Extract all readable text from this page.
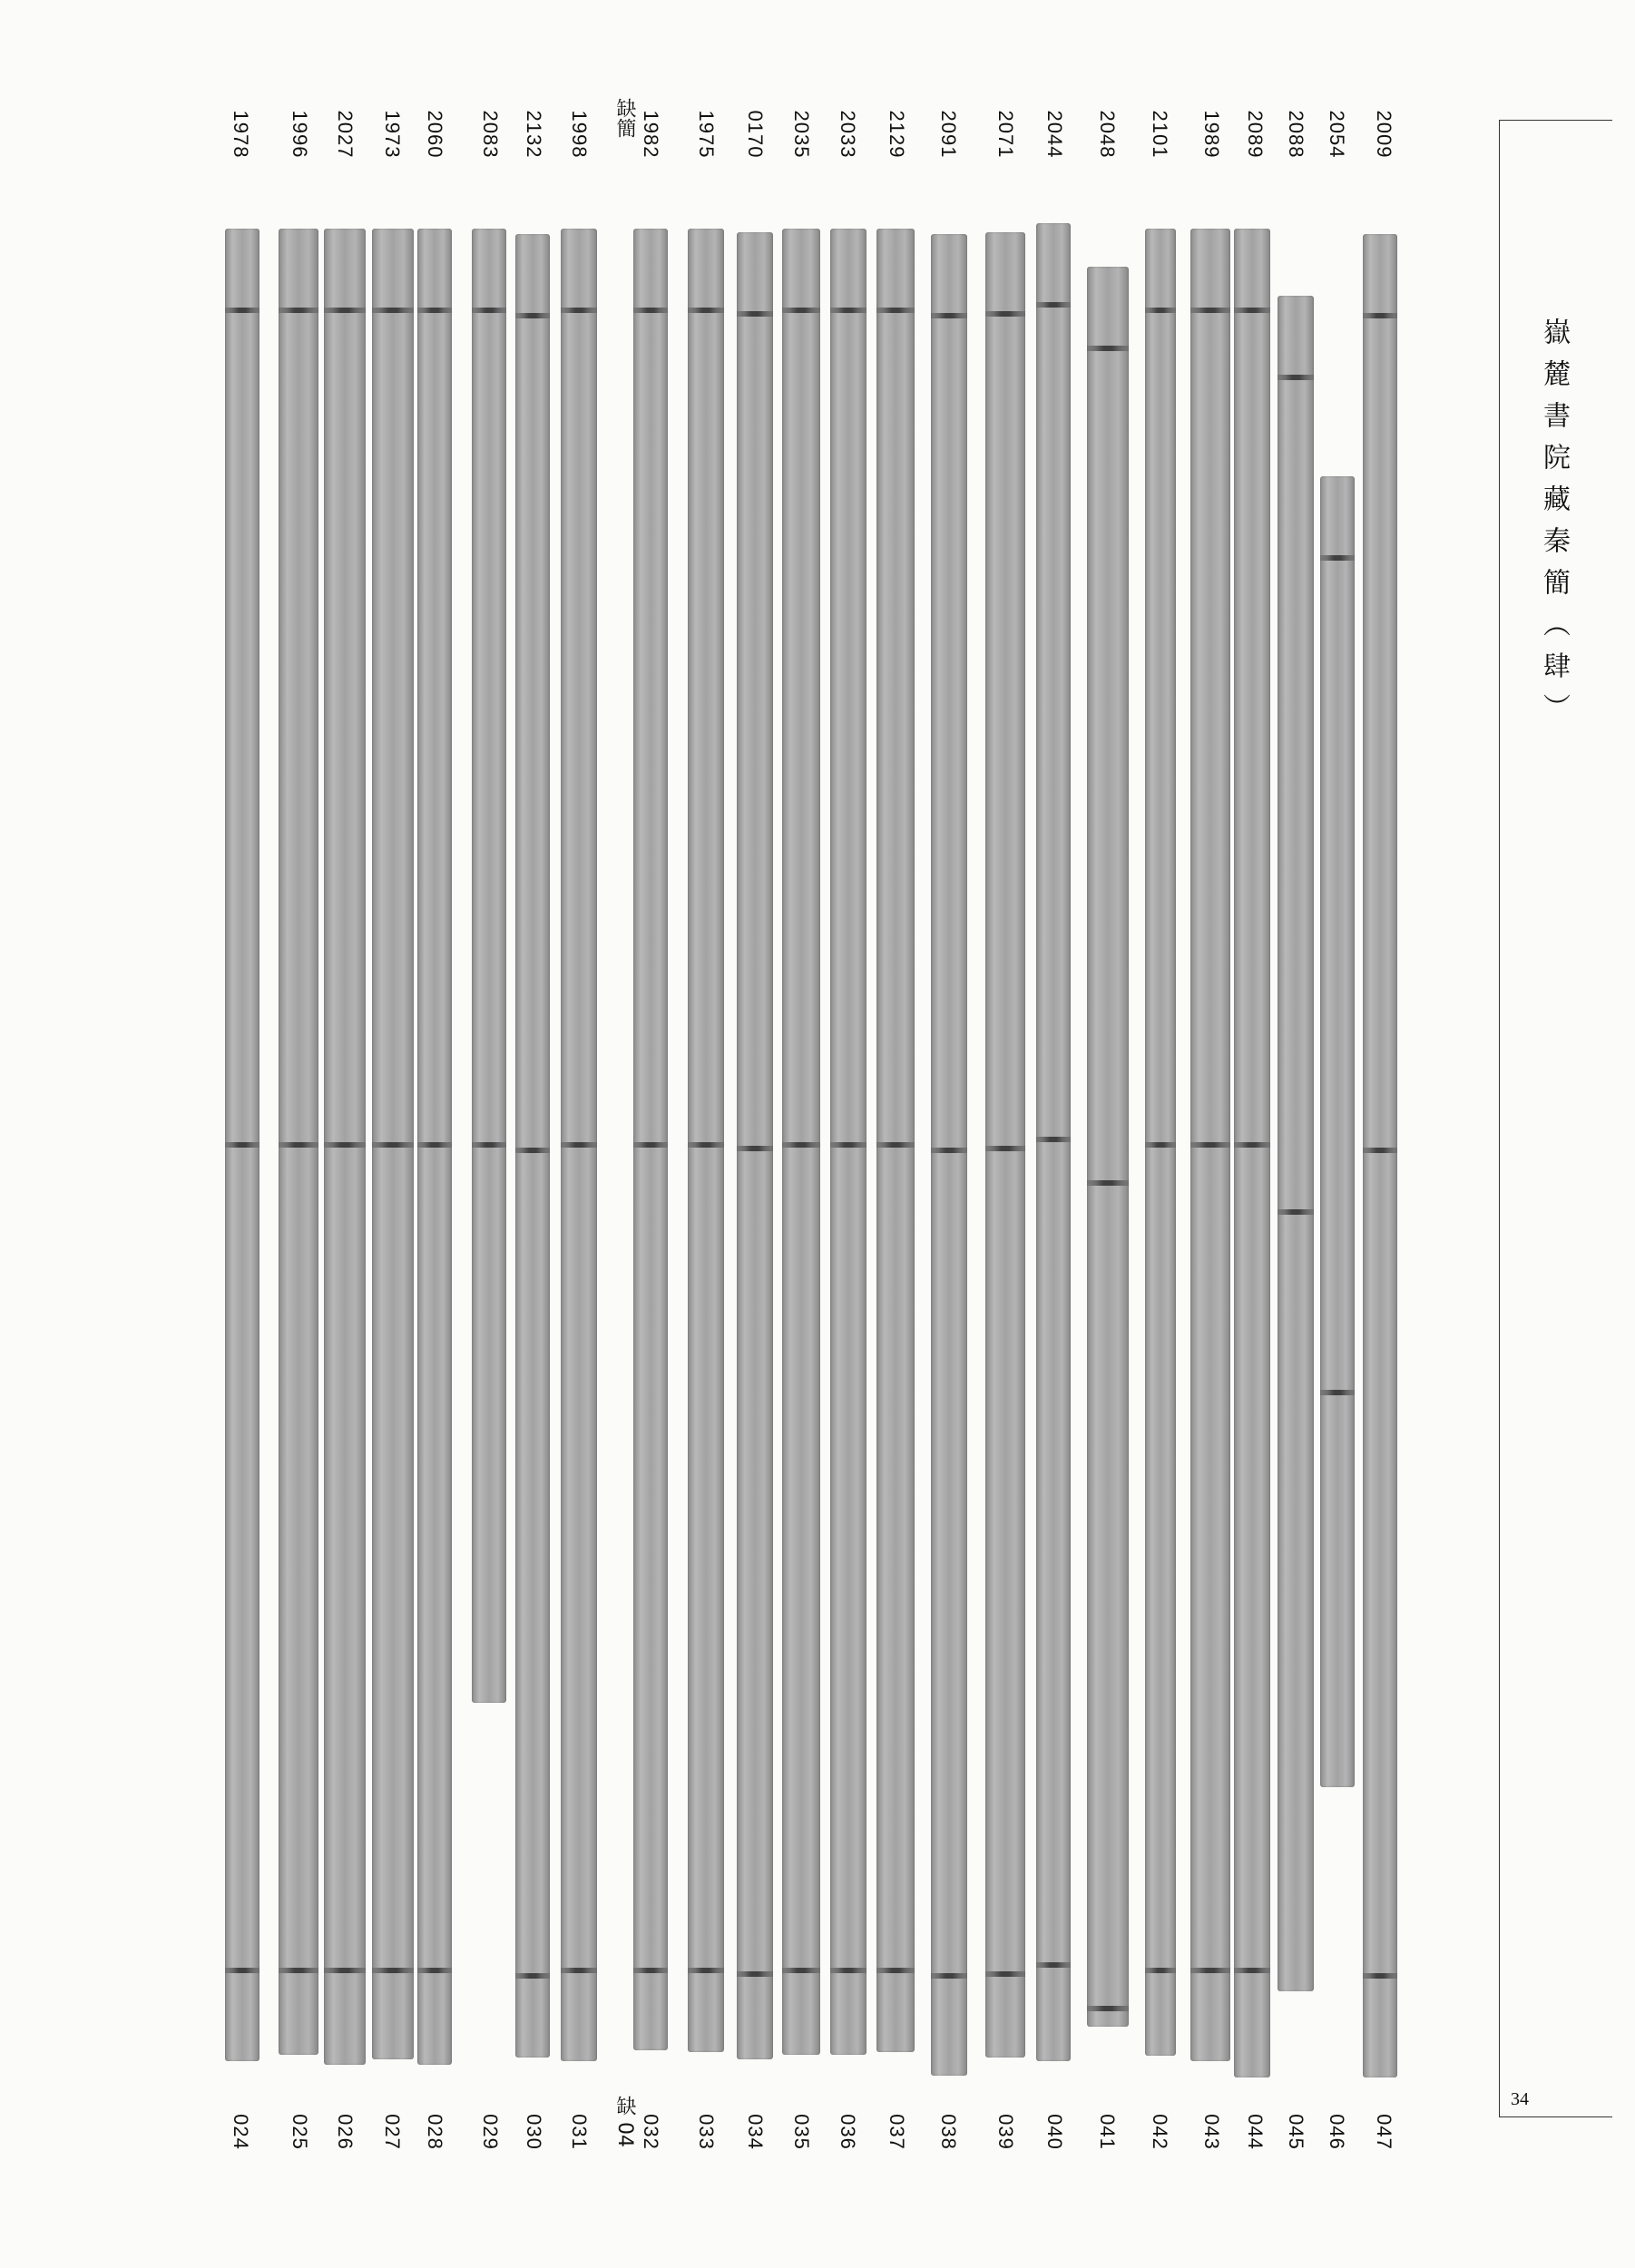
1978 1996 2027 1973 2060 2083 2132 1998 缺簡 1982 1975 0170 2035 2033 2129 2091 2071 2044 2048 2101 1989 2089 2088 2054 2009
024 025 026 027 028 029 030 031 缺 04 032 033 034 035 036 037 038 039 040 041 042 043 044 045 046 047
嶽麓書院藏秦簡（肆）
34
